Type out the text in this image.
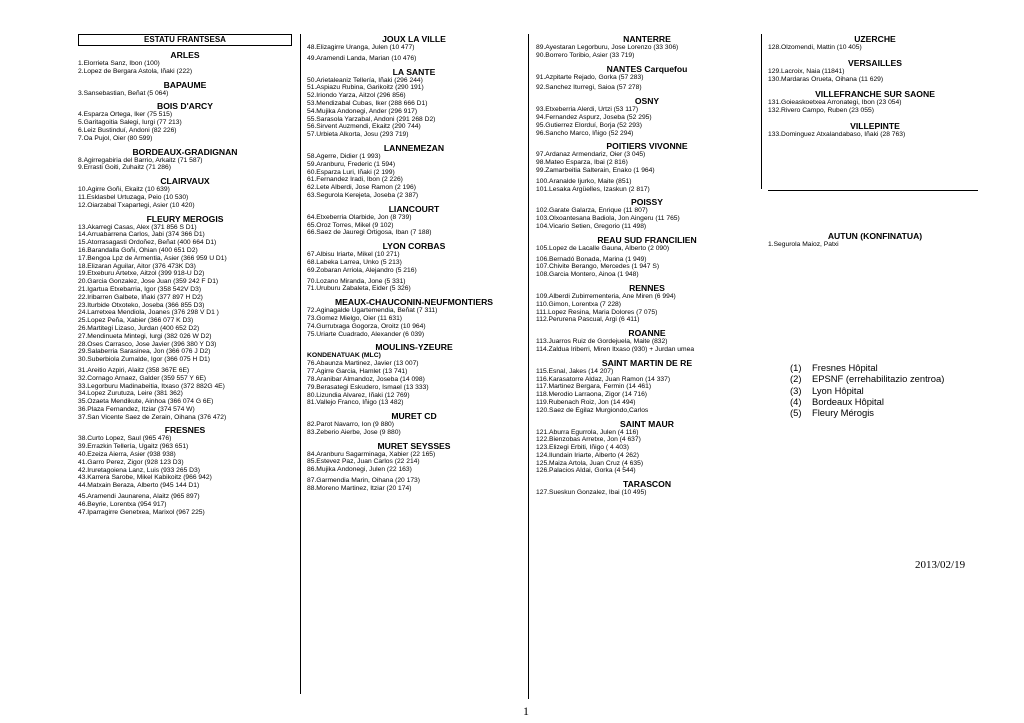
ESTATU FRANTSESA
ARLES
1.Elorrieta Sanz, Ibon (100)
2.Lopez de Bergara Astola, Iñaki (222)
BAPAUME
3.Sansebastian, Beñat (5 064)
BOIS D'ARCY
4.Esparza Ortega, Iker (75 515)
5.Garitagoitia Salegi, Iurgi (77 213)
6.Leiz Bustinduí, Andoni (82 226)
7.Oa Pujol, Oier (80 599)
BORDEAUX-GRADIGNAN
8.Agirregabiria del Barrio, Arkaitz (71 587)
9.Errasti Goiti, Zuhaitz (71 286)
CLAIRVAUX
10.Agirre Goñi, Ekaitz (10 639)
11.Esklasbel Urtuzaga, Peio (10 530)
12.Oiarzabal Txapartegi, Asier (10 420)
FLEURY MEROGIS
13.Akarregi Casas, Alex (371 856 S D1)
14.Arruabarrena Carlos, Jabi (374 366 D1)
15.Atorrasagasti Ordoñez, Beñat (400 664 D1)
16.Barandalla Goñi, Ohian (400 651 D2)
17.Bengoa Lpz de Armentia, Asier (366 959 U D1)
18.Elizaran Aguilar, Aitor (376 473K D3)
19.Etxeburu Artetxe, Aitzol (399 918-U D2)
20.Garcia Gonzalez, Jose Juan (359 242 F D1)
21.Igartua Etxebarria, Igor (358 542V D3)
22.Iribarren Galbete, Iñaki (377 897 H D2)
23.Iturbide Otxoteko, Joseba (366 855 D3)
24.Larretxea Mendiola, Joanes (376 298 V D1 )
25.Lopez Peña, Xabier (366 077 K D3)
26.Martitegi Lizaso, Jurdan (400 652 D2)
27.Mendinueta Mintegi, Iurgi (382 026 W D2)
28.Oses Carrasco, Jose Javier (396 380 Y D3)
29.Salaberria Sarasinea, Jon (366 076 J D2)
30.Suberbiola Zumalde, Igor (366 075 H D1)
31.Areitio Azpiri, Alaitz (358 367E 6E)
32.Cornago Arnaez, Galder (359 557 Y 6E)
33.Legorburu Madinabeitia, Itxaso (372 882G 4E)
34.Lopez Zurutuza, Leire (381 362)
35.Ozaeta Mendikute, Ainhoa (366 074 G 6E)
36.Plaza Fernandez, Itziar (374 574 W)
37.San Vicente Saez de Zerain, Oihana (376 472)
FRESNES
38.Curto Lopez, Saul (965 476)
39.Errazkin Tellería, Ugaitz (963 651)
40.Ezeiza Aierra, Asier (938 938)
41.Garro Perez, Zigor (928 123 D3)
42.Iruretagoiena Lanz, Luis (933 265 D3)
43.Karrera Sarobe, Mikel Kabikoitz (966 942)
44.Matxain Beraza, Alberto (945 144 D1)
45.Aramendi Jaunarena, Alaitz (965 897)
46.Beyrie, Lorentxa (954 917)
47.Iparragirre Genetxea, Marixol (967 225)
JOUX LA VILLE
48.Elizagirre Uranga, Julen (10 477)
49.Aramendi Landa, Marian (10 476)
LA SANTE
50.Arietaleaniz Tellería, Iñaki (296 244)
51.Aspiazu Rubina, Garikoitz (290 191)
52.Iriondo Yarza, Aitzol (296 856)
53.Mendizabal Cubas, Iker (288 666 D1)
54.Mujika Andonegi, Ander (296 917)
55.Sarasola Yarzabal, Andoni (291 268 D2)
56.Sirvent Auzmendi, Ekaitz (290 744)
57.Urbieta Alkorta, Josu (293 719)
LANNEMEZAN
58.Agerre, Didier (1 993)
59.Aranburu, Frederic (1 594)
60.Esparza Luri, Iñaki (2 199)
61.Fernandez Iradi, Ibon (2 226)
62.Lete Alberdi, Jose Ramon (2 196)
63.Segurola Kerejeta, Joseba (2 387)
LIANCOURT
64.Etxeberria Olarbide, Jon (8 739)
65.Oroz Torres, Mikel (9 102)
66.Saez de Jauregi Ortigosa, Iban (7 188)
LYON CORBAS
67.Albisu Iriarte, Mikel (10 271)
68.Labeka Larrea, Unko (5 213)
69.Zobaran Arriola, Alejandro (5 216)
70.Lozano Miranda, Jone (5 331)
71.Uruburu Zabaleta, Eider (5 326)
MEAUX-CHAUCONIN-NEUFMONTIERS
72.Aginagalde Ugartemendia, Beñat (7 311)
73.Gomez Mielgo, Oier (11 631)
74.Gurrutxaga Gogorza, Oroitz (10 964)
75.Uriarte Cuadrado, Alexander (6 039)
MOULINS-YZEURE
KONDENATUAK (MLC)
76.Abaunza Martinez, Javier (13 007)
77.Agirre Garcia, Hamlet (13 741)
78.Aranibar Almandoz, Joseba (14 098)
79.Berasategi Eskudero, Ismael (13 333)
80.Lizundia Alvarez, Iñaki (12 769)
81.Vallejo Franco, Iñigo (13 482)
MURET CD
82.Parot Navarro, Ion (9 880)
83.Zeberio Aierbe, Jose (9 880)
MURET SEYSSES
84.Aranburu Sagarminaga, Xabier (22 165)
85.Estevez Paz, Juan Carlos (22 214)
86.Mujika Andonegi, Julen (22 163)
87.Garmendia Marin, Oihana (20 173)
88.Moreno Martinez, Itziar (20 174)
NANTERRE
89.Ayestaran Legorburu, Jose Lorenzo (33 306)
90.Borrero Toribio, Asier (33 719)
NANTES Carquefou
91.Azpitarte Rejado, Gorka (57 283)
92.Sanchez Iturregi, Saioa (57 278)
OSNY
93.Etxeberria Alerdi, Urtzi (53 117)
94.Fernandez Aspurz, Joseba (52 295)
95.Gutierrez Elorduí, Borja (52 293)
96.Sancho Marco, Iñigo (52 294)
POITIERS VIVONNE
97.Ardanaz Armendariz, Oier (3 045)
98.Mateo Esparza, Ibai (2 816)
99.Zamarbeitia Salterain, Enako (1 964)
100.Aranalde Ijurko, Maite (851)
101.Lesaka Argüelles, Izaskun (2 817)
POISSY
102.Garate Galarza, Enrique (11 807)
103.Olxoantesana Badiola, Jon Aingeru (11 765)
104.Vicario Setien, Gregorio (11 498)
REAU SUD FRANCILIEN
105.Lopez de Lacalle Gauna, Alberto (2 090)
106.Bernadó Bonada, Marina (1 949)
107.Chivite Berango, Mercedes (1 947 S)
108.Garcia Montero, Ainoa (1 948)
RENNES
109.Alberdi Zubirrementeria, Ane Miren (6 994)
110.Gimon, Lorentxa (7 228)
111.Lopez Resina, Maria Dolores (7 075)
112.Perurena Pascual, Argi (6 411)
ROANNE
113.Juarros Ruiz de Gordejuela, Maite (832)
114.Zaldua Iriberri, Miren Itxaso (930) + Jurdan umea
SAINT MARTIN DE RE
115.Esnal, Jakes (14 207)
116.Karasatorre Aldaz, Juan Ramon (14 337)
117.Martinez Bergara, Fermin (14 461)
118.Merodio Larraona, Zigor (14 716)
119.Rubenach Roiz, Jon (14 494)
120.Saez de Egilaz Murgiondo,Carlos
SAINT MAUR
121.Aburra Egurrola, Julen (4 116)
122.Bienzobas Arretxe, Jon (4 637)
123.Elizegi Erbiti, Iñigo ( 4 403)
124.Ilundain Iriarte, Alberto (4 262)
125.Maiza Artola, Juan Cruz (4 635)
126.Palacios Aldai, Gorka (4 544)
TARASCON
127.Sueskun Gonzalez, Ibai (10 495)
UZERCHE
128.Olzomendi, Mattin (10 405)
VERSAILLES
129.Lacroix, Naia (11841)
130.Mardaras Orueta, Oihana (11 629)
VILLEFRANCHE SUR SAONE
131.Goieaskoetxea Arronategi, Ibon (23 054)
132.Rivero Campo, Ruben (23 055)
VILLEPINTE
133.Dominguez Atxalandabaso, Iñaki (28 763)
AUTUN (KONFINATUA)
1.Segurola Maioz, Patxi
(1) Fresnes Hôpital
(2) EPSNF (errehabilitazio zentroa)
(3) Lyon Hôpital
(4) Bordeaux Hôpital
(5) Fleury Mérogis
2013/02/19
1
